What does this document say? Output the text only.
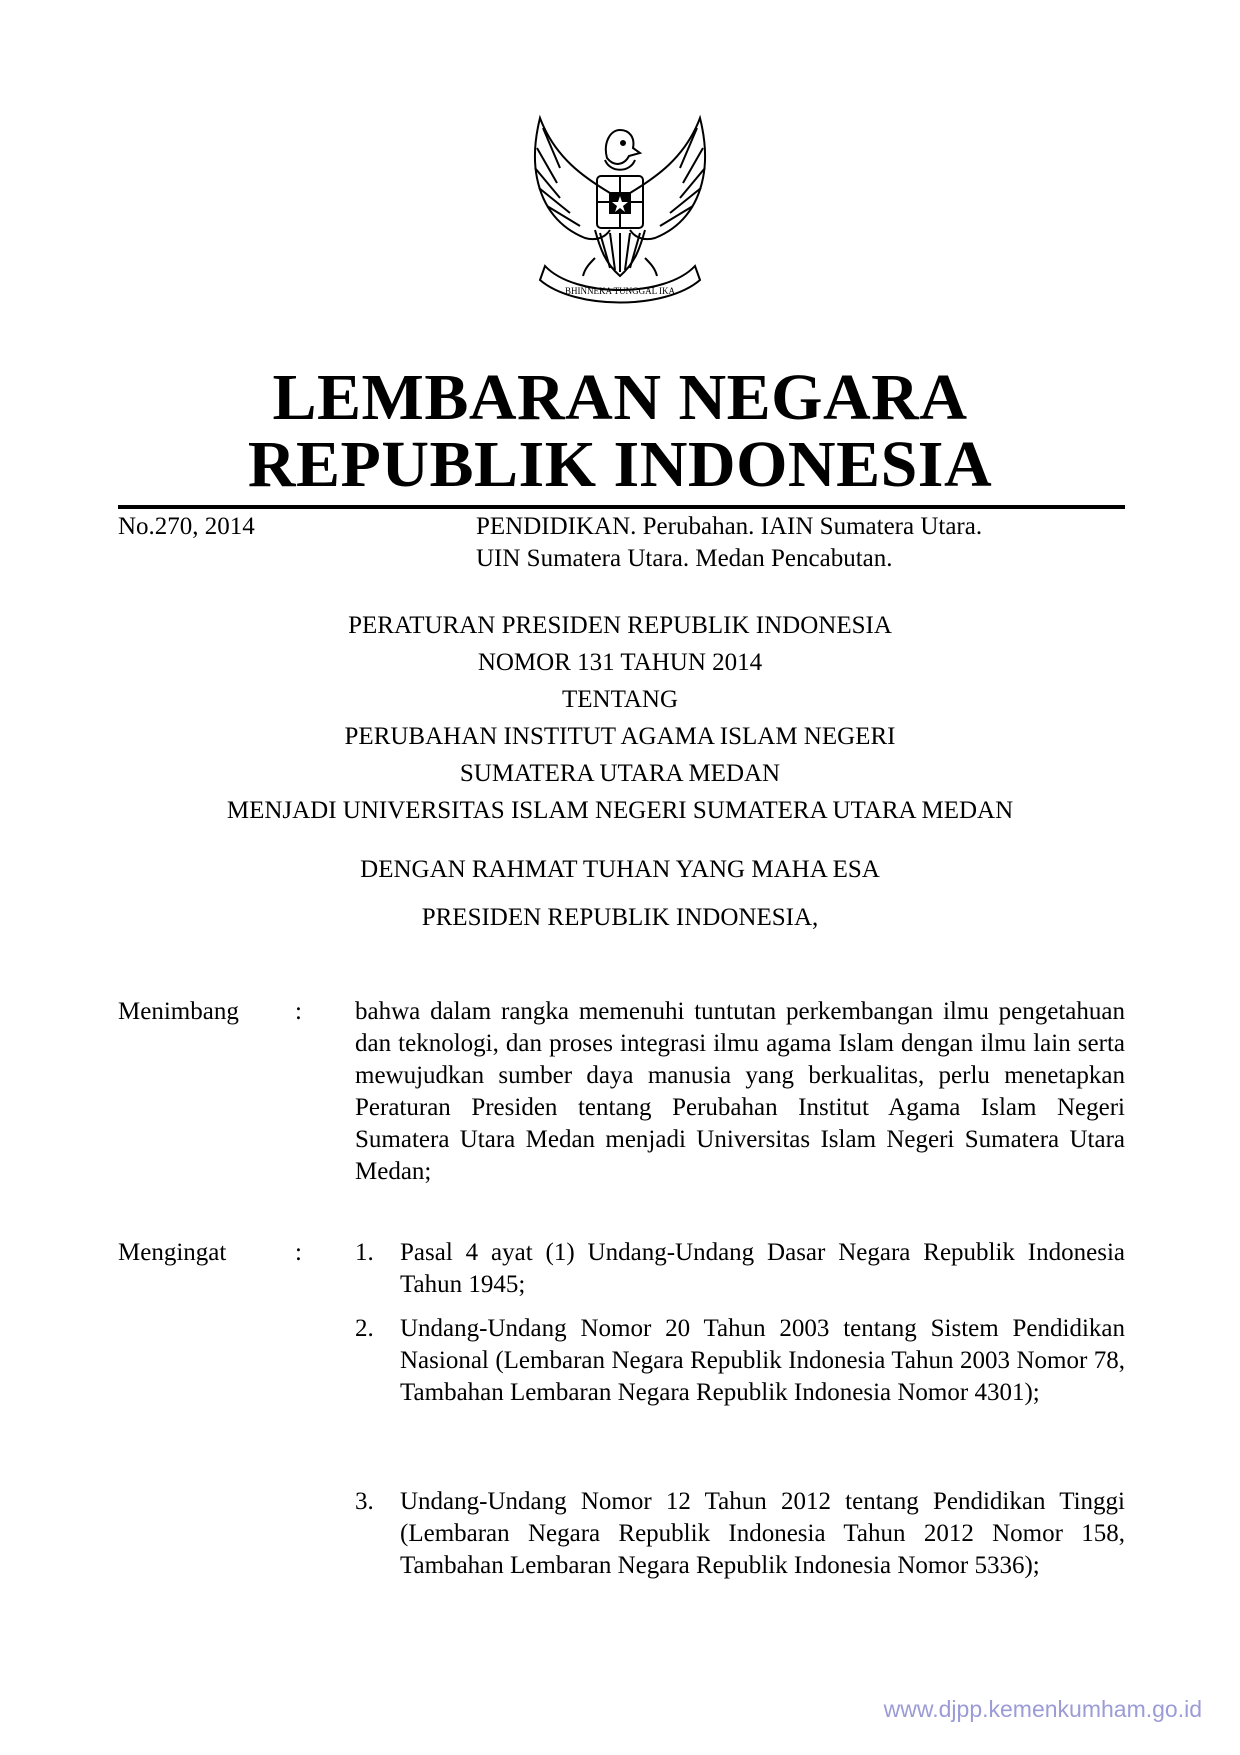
BHINNEKA TUNGGAL IKA
LEMBARAN NEGARA
REPUBLIK INDONESIA
No.270, 2014	PENDIDIKAN. Perubahan. IAIN Sumatera Utara.
UIN Sumatera Utara. Medan Pencabutan.
PERATURAN PRESIDEN REPUBLIK INDONESIA
NOMOR 131 TAHUN 2014
TENTANG
PERUBAHAN INSTITUT AGAMA ISLAM NEGERI
SUMATERA UTARA MEDAN
MENJADI UNIVERSITAS ISLAM NEGERI SUMATERA UTARA MEDAN
DENGAN RAHMAT TUHAN YANG MAHA ESA
PRESIDEN REPUBLIK INDONESIA,
Menimbang : bahwa dalam rangka memenuhi tuntutan perkembangan ilmu pengetahuan dan teknologi, dan proses integrasi ilmu agama Islam dengan ilmu lain serta mewujudkan sumber daya manusia yang berkualitas, perlu menetapkan Peraturan Presiden tentang Perubahan Institut Agama Islam Negeri Sumatera Utara Medan menjadi Universitas Islam Negeri Sumatera Utara Medan;
Mengingat	: 1. Pasal 4 ayat (1) Undang-Undang Dasar Negara Republik Indonesia Tahun 1945;
2. Undang-Undang Nomor 20 Tahun 2003 tentang Sistem Pendidikan Nasional (Lembaran Negara Republik Indonesia Tahun 2003 Nomor 78, Tambahan Lembaran Negara Republik Indonesia Nomor 4301);
3. Undang-Undang Nomor 12 Tahun 2012 tentang Pendidikan Tinggi (Lembaran Negara Republik Indonesia Tahun 2012 Nomor 158, Tambahan Lembaran Negara Republik Indonesia Nomor 5336);
www.djpp.kemenkumham.go.id
